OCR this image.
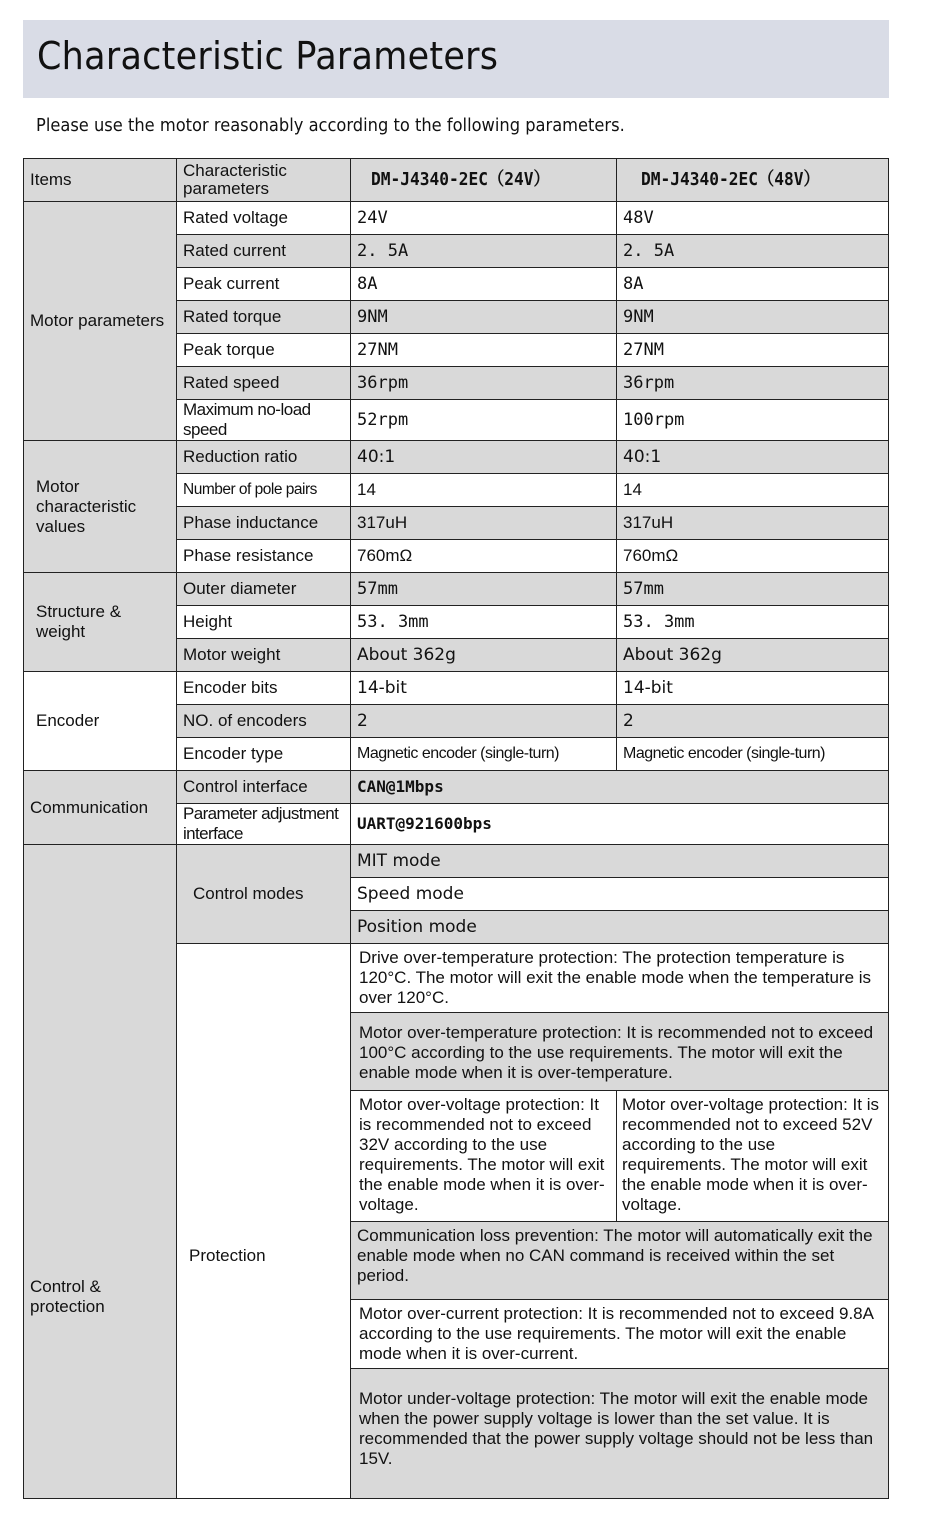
Characteristic Parameters
Please use the motor reasonably according to the following parameters.
Items	Characteristic parameters	DM-J4340-2EC（24V）	DM-J4340-2EC（48V）
Motor parameters	Rated voltage	24V	48V
	Rated current	2. 5A	2. 5A
	Peak current	8A	8A
	Rated torque	9NM	9NM
	Peak torque	27NM	27NM
	Rated speed	36rpm	36rpm
	Maximum no-load speed	52rpm	100rpm
Motor characteristic values	Reduction ratio	40:1	40:1
	Number of pole pairs	14	14
	Phase inductance	317uH	317uH
	Phase resistance	760mΩ	760mΩ
Structure & weight	Outer diameter	57mm	57mm
	Height	53. 3mm	53. 3mm
	Motor weight	About 362g	About 362g
Encoder	Encoder bits	14-bit	14-bit
	NO. of encoders	2	2
	Encoder type	Magnetic encoder (single-turn)	Magnetic encoder (single-turn)
Communication	Control interface	CAN@1Mbps	
	Parameter adjustment interface	UART@921600bps	
Control & protection	Control modes	MIT mode	
		Speed mode	
		Position mode	
	Protection	Drive over-temperature protection: The protection temperature is 120°C. The motor will exit the enable mode when the temperature is over 120°C.	
		Motor over-temperature protection: It is recommended not to exceed 100°C according to the use requirements. The motor will exit the enable mode when it is over-temperature.	
		Motor over-voltage protection: It is recommended not to exceed 32V according to the use requirements. The motor will exit the enable mode when it is over-voltage.	Motor over-voltage protection: It is recommended not to exceed 52V according to the use requirements. The motor will exit the enable mode when it is over-voltage.
		Communication loss prevention: The motor will automatically exit the enable mode when no CAN command is received within the set period.	
		Motor over-current protection: It is recommended not to exceed 9.8A according to the use requirements. The motor will exit the enable mode when it is over-current.	
		Motor under-voltage protection: The motor will exit the enable mode when the power supply voltage is lower than the set value. It is recommended that the power supply voltage should not be less than 15V.	
